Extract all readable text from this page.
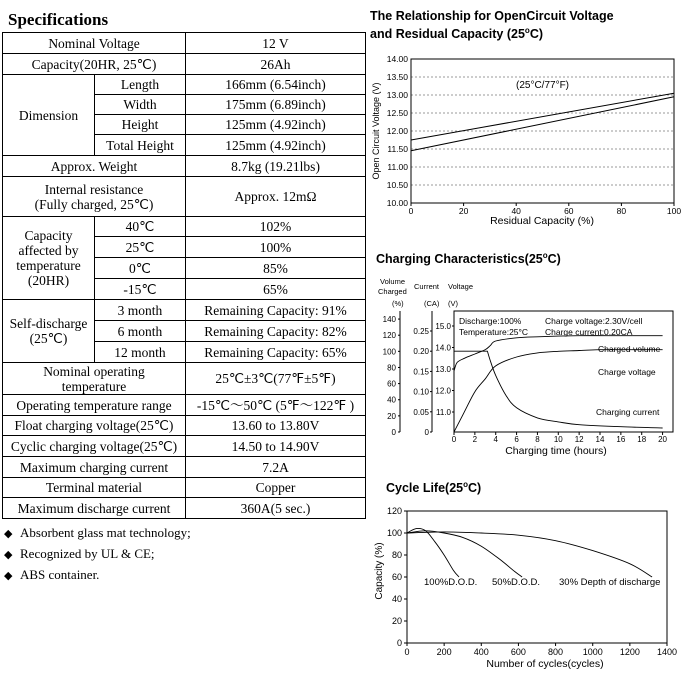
Specifications
Nominal Voltage		12 V
Capacity(20HR, 25℃)		26Ah
Dimension	Length	166mm (6.54inch)
	Width	175mm (6.89inch)
	Height	125mm (4.92inch)
	Total Height	125mm (4.92inch)
Approx. Weight		8.7kg (19.21lbs)

Internal resistance
(Fully charged, 25℃)		Approx. 12mΩ

Capacity
affected by
temperature
(20HR)	40℃	102%
	25℃	100%
	0℃	85%
	-15℃	65%

Self-discharge
(25℃)	3 month	Remaining Capacity: 91%
	6 month	Remaining Capacity: 82%
	12 month	Remaining Capacity: 65%

Nominal operating
temperature		25℃±3℃(77℉±5℉)
Operating temperature range		-15℃～50℃ (5℉～122℉ )
Float charging voltage(25℃)		13.60 to 13.80V
Cyclic charging voltage(25℃)		14.50 to 14.90V
Maximum charging current		7.2A
Terminal material		Copper
Maximum discharge current		360A(5 sec.)
◆ Absorbent glass mat technology;
◆ Recognized by UL & CE;
◆ ABS container.
The Relationship for OpenCircuit Voltage
and Residual Capacity (25$^o$C)
Charging Characteristics(25$^o$C)
Cycle Life(25$^o$C)
14.00
13.50
13.00
12.50
12.00
11.50
11.00
10.50
10.00
0	20	40	60	80	100
(25°C/77°F)
Residual Capacity (%)
Open Circuit Voltage (V)
Volume
Charged
Current Voltage
(%)	(CA) (V)
140
120
100
80
60
40
20
0
0.25
0.20
0.15
0.10
0.05
0
15.0
14.0
13.0
12.0
11.0
0 2 4 6 8 10 12 14 16 18 20
Discharge:100%
Temperature:25°C
Charge voltage:2.30V/cell
Charge current:0.20CA
Charged volume
Charge voltage
Charging current
Charging time (hours)
120
100
80
60
40
20
0
0	200 400 600 800 1000 1200 1400
100%D.O.D. 50%D.O.D. 30% Depth of discharge
Number of cycles(cycles)
Capacity (%)
